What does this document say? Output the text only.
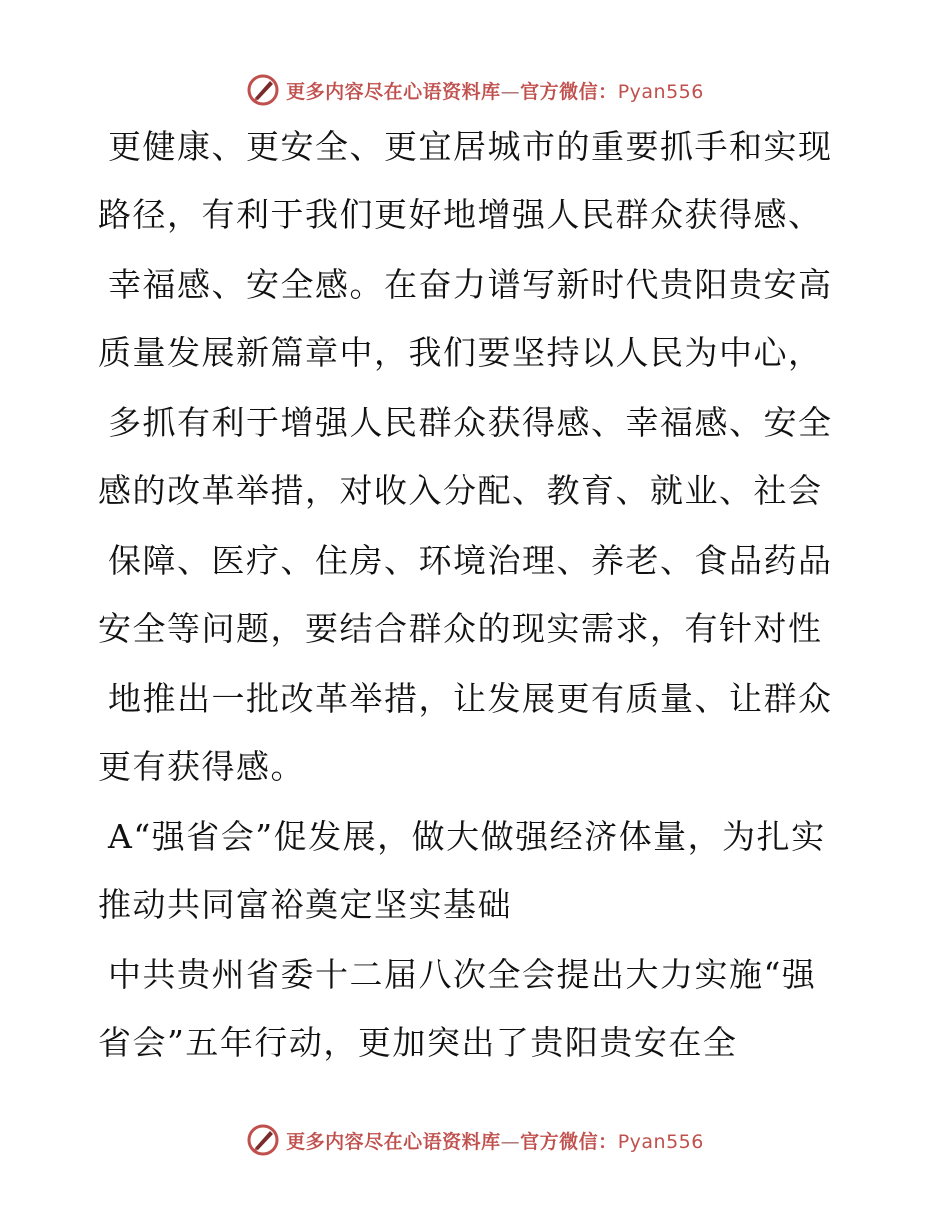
更多内容尽在心语资料库—官方微信：Pyan556
更健康、更安全、更宜居城市的重要抓手和实现
路径，有利于我们更好地增强人民群众获得感、
幸福感、安全感。在奋力谱写新时代贵阳贵安高
质量发展新篇章中，我们要坚持以人民为中心，
多抓有利于增强人民群众获得感、幸福感、安全
感的改革举措，对收入分配、教育、就业、社会
保障、医疗、住房、环境治理、养老、食品药品
安全等问题，要结合群众的现实需求，有针对性
地推出一批改革举措，让发展更有质量、让群众
更有获得感。
A“强省会”促发展，做大做强经济体量，为扎实
推动共同富裕奠定坚实基础
中共贵州省委十二届八次全会提出大力实施“强
省会”五年行动，更加突出了贵阳贵安在全
更多内容尽在心语资料库—官方微信：Pyan556
